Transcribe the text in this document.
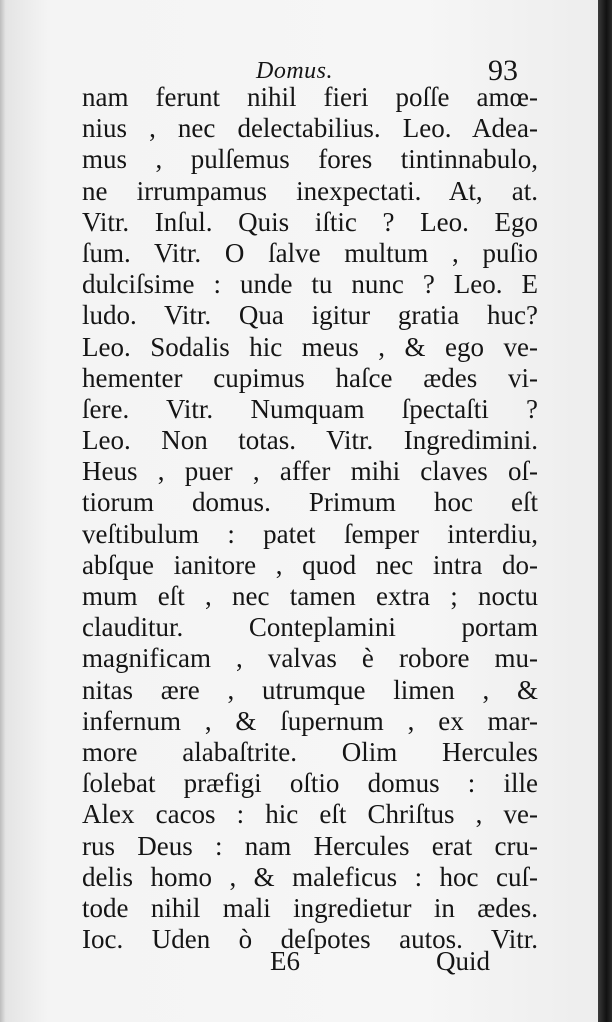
Domus.	93
nam ferunt nihil fieri poſſe amœ-
nius , nec delectabilius. Leo. Adea-
mus , pulſemus fores tintinnabulo,
ne irrumpamus inexpectati. At, at.
Vitr. Inſul. Quis iſtic ? Leo. Ego
ſum. Vitr. O ſalve multum , puſio
dulciſsime : unde tu nunc ? Leo. E
ludo. Vitr. Qua igitur gratia huc?
Leo. Sodalis hic meus , & ego ve-
hementer cupimus haſce ædes vi-
ſere. Vitr. Numquam ſpectaſti ?
Leo. Non totas. Vitr. Ingredimini.
Heus , puer , affer mihi claves oſ-
tiorum domus. Primum hoc eſt
veſtibulum : patet ſemper interdiu,
abſque ianitore , quod nec intra do-
mum eſt , nec tamen extra ; noctu
clauditur. Conteplamini portam
magnificam , valvas è robore mu-
nitas ære , utrumque limen , &
infernum , & ſupernum , ex mar-
more alabaſtrite. Olim Hercules
ſolebat præfigi oſtio domus : ille
Alex cacos : hic eſt Chriſtus , ve-
rus Deus : nam Hercules erat cru-
delis homo , & maleficus : hoc cuſ-
tode nihil mali ingredietur in ædes.
Ioc. Uden ò deſpotes autos. Vitr.
E6	Quid
